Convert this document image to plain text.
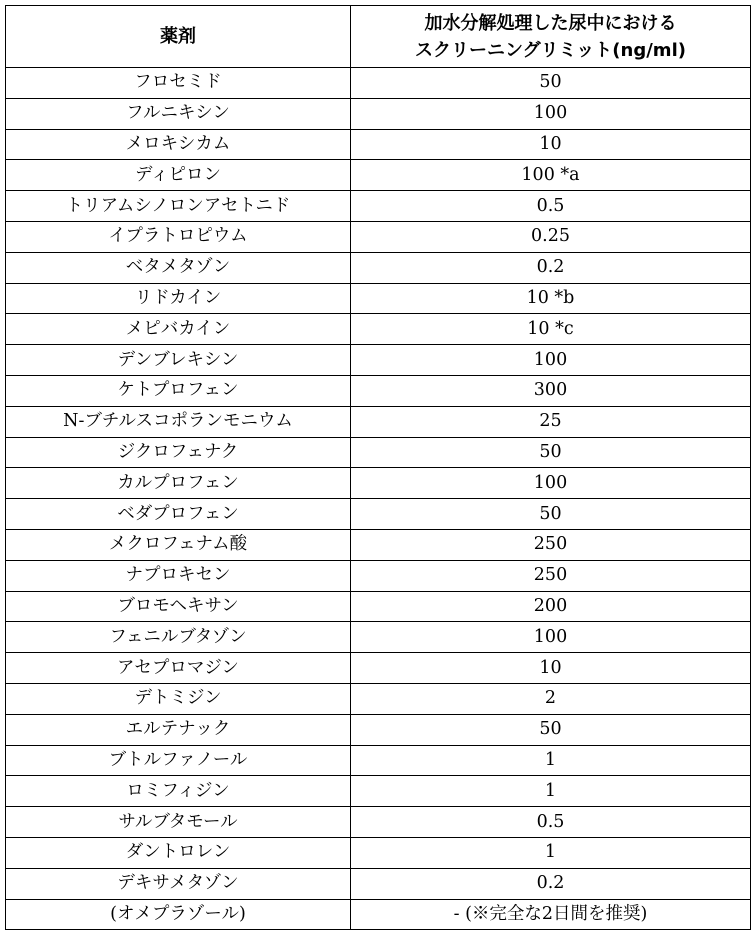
薬剤	加水分解処理した尿中における
スクリーニングリミット(ng/ml)

フロセミド	50
フルニキシン	100
メロキシカム	10
ディピロン	100 *a
トリアムシノロンアセトニド	0.5
イプラトロピウム	0.25
ベタメタゾン	0.2
リドカイン	10 *b
メピバカイン	10 *c
デンブレキシン	100
ケトプロフェン	300
N-ブチルスコポランモニウム	25
ジクロフェナク	50
カルプロフェン	100
ベダプロフェン	50
メクロフェナム酸	250
ナプロキセン	250
ブロモヘキサン	200
フェニルブタゾン	100
アセプロマジン	10
デトミジン	2
エルテナック	50
ブトルファノール	1
ロミフィジン	1
サルブタモール	0.5
ダントロレン	1
デキサメタゾン	0.2
(オメプラゾール)	- (※完全な2日間を推奨)
